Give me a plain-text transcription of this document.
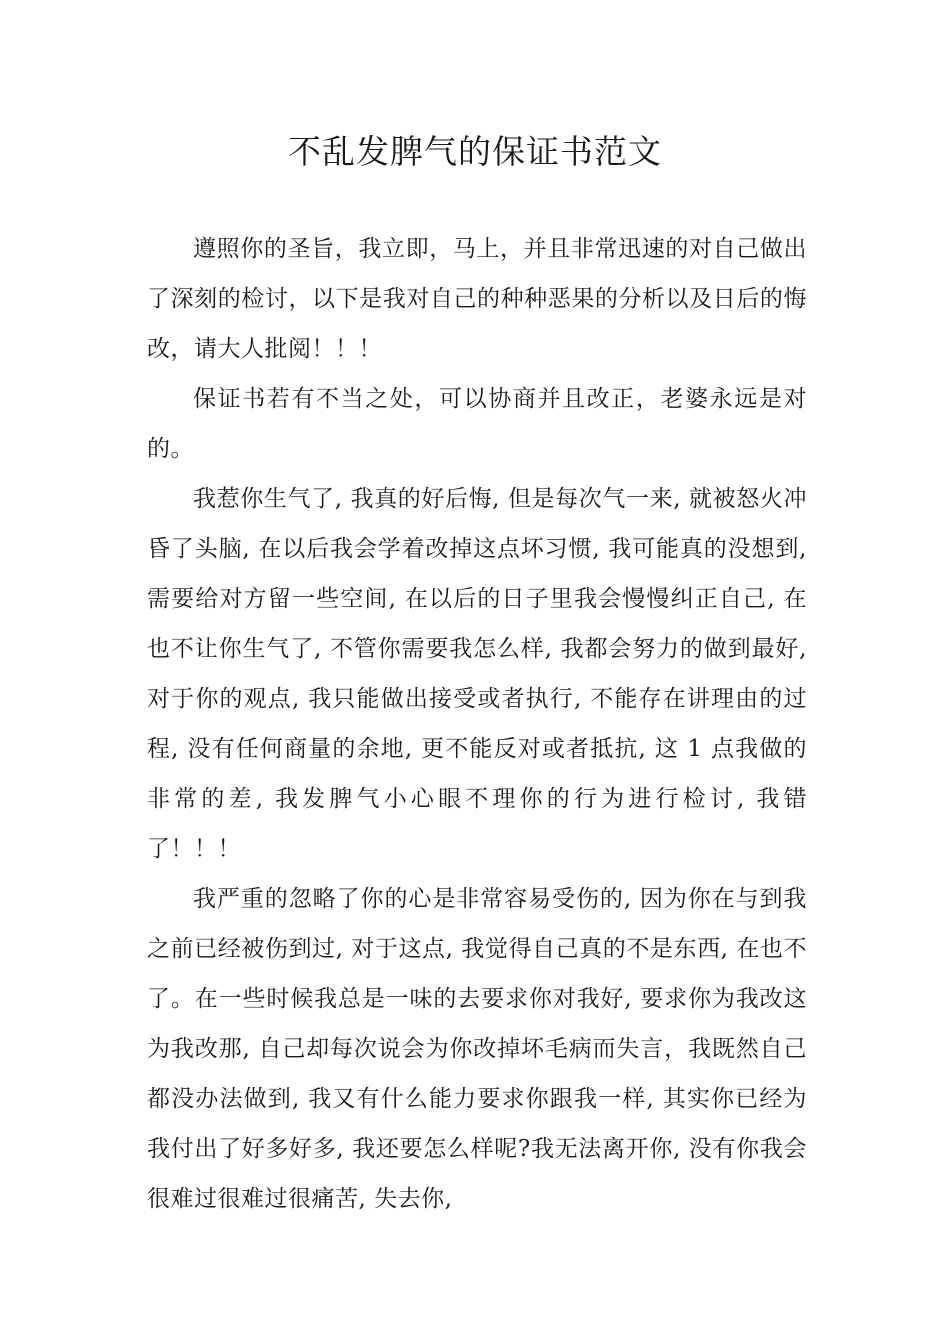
不乱发脾气的保证书范文

遵照你的圣旨，我立即，马上，并且非常迅速的对自己做出了深刻的检讨，以下是我对自己的种种恶果的分析以及日后的悔改，请大人批阅！！！

保证书若有不当之处，可以协商并且改正，老婆永远是对的。

我惹你生气了, 我真的好后悔, 但是每次气一来, 就被怒火冲昏了头脑, 在以后我会学着改掉这点坏习惯, 我可能真的没想到, 需要给对方留一些空间, 在以后的日子里我会慢慢纠正自己, 在也不让你生气了, 不管你需要我怎么样, 我都会努力的做到最好, 对于你的观点, 我只能做出接受或者执行, 不能存在讲理由的过程, 没有任何商量的余地, 更不能反对或者抵抗, 这 1 点我做的非常的差, 我发脾气小心眼不理你的行为进行检讨, 我错了！！！

我严重的忽略了你的心是非常容易受伤的, 因为你在与到我之前已经被伤到过, 对于这点, 我觉得自己真的不是东西, 在也不了。在一些时候我总是一味的去要求你对我好, 要求你为我改这为我改那, 自己却每次说会为你改掉坏毛病而失言，我既然自己都没办法做到, 我又有什么能力要求你跟我一样, 其实你已经为我付出了好多好多, 我还要怎么样呢?我无法离开你, 没有你我会很难过很难过很痛苦, 失去你,
